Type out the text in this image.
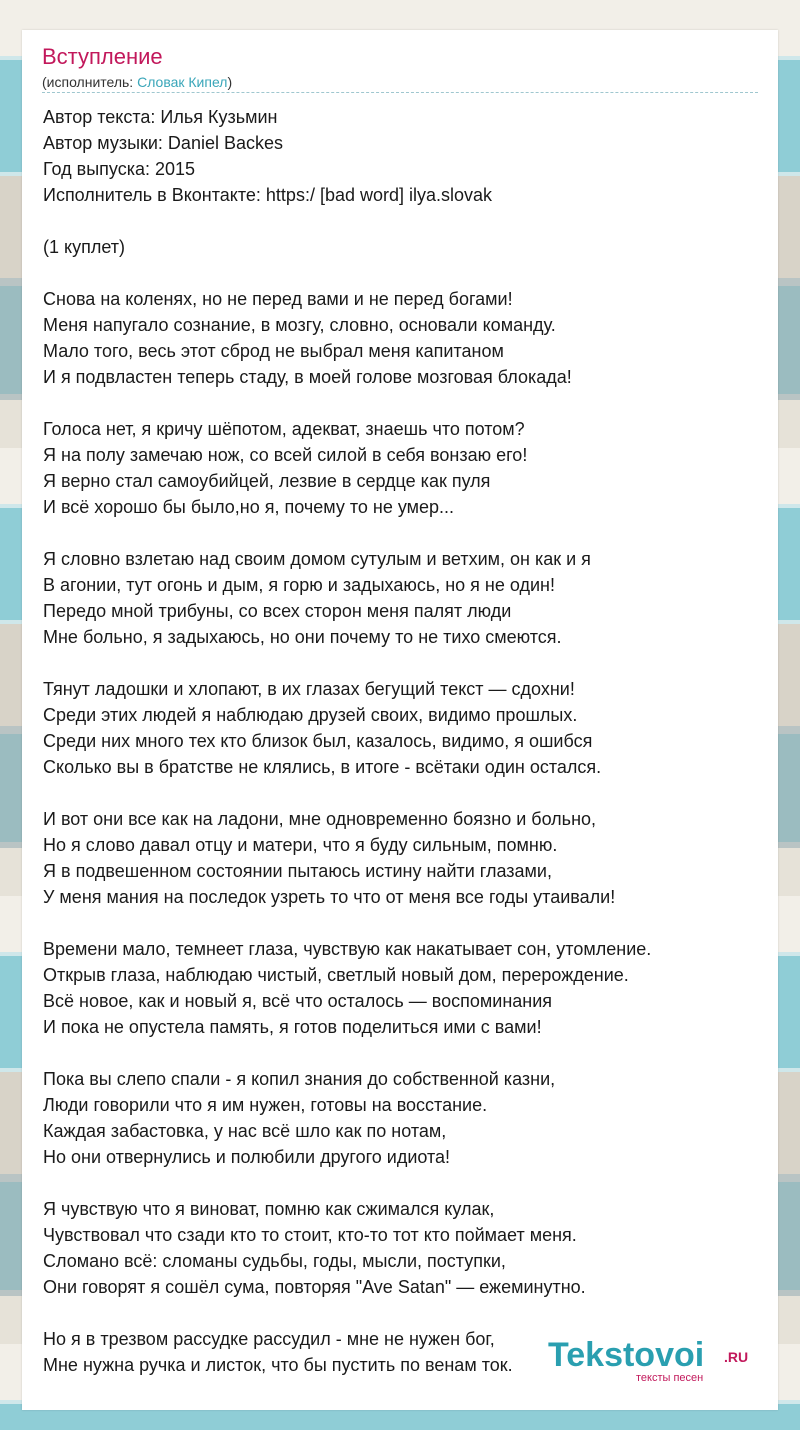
Вступление
(исполнитель: Словак Кипел)
Автор текста: Илья Кузьмин
Автор музыки: Daniel Backes
Год выпуска: 2015
Исполнитель в Вконтакте: https:/ [bad word] ilya.slovak
(1 куплет)
Снова на коленях, но не перед вами и не перед богами!
Меня напугало сознание, в мозгу, словно, основали команду.
Мало того, весь этот сброд не выбрал меня капитаном
И я подвластен теперь стаду, в моей голове мозговая блокада!
Голоса нет, я кричу шёпотом, адекват, знаешь что потом?
Я на полу замечаю нож, со всей силой в себя вонзаю его!
Я верно стал самоубийцей, лезвие в сердце как пуля
И всё хорошо бы было,но я, почему то не умер...
Я словно взлетаю над своим домом сутулым и ветхим, он как и я
В агонии, тут огонь и дым, я горю и задыхаюсь, но я не один!
Передо мной трибуны, со всех сторон меня палят люди
Мне больно, я задыхаюсь, но они почему то не тихо смеются.
Тянут ладошки и хлопают, в их глазах бегущий текст — сдохни!
Среди этих людей я наблюдаю друзей своих, видимо прошлых.
Среди них много тех кто близок был, казалось, видимо, я ошибся
Сколько вы в братстве не клялись, в итоге - всётаки один остался.
И вот они все как на ладони, мне одновременно боязно и больно,
Но я слово давал отцу и матери, что я буду сильным, помню.
Я в подвешенном состоянии пытаюсь истину найти глазами,
У меня мания на последок узреть то что от меня все годы утаивали!
Времени мало, темнеет глаза, чувствую как накатывает сон, утомление.
Открыв глаза, наблюдаю чистый, светлый новый дом, перерождение.
Всё новое, как и новый я, всё что осталось — воспоминания
И пока не опустела память, я готов поделиться ими с вами!
Пока вы слепо спали - я копил знания до собственной казни,
Люди говорили что я им нужен, готовы на восстание.
Каждая забастовка, у нас всё шло как по нотам,
Но они отвернулись и полюбили другого идиота!
Я чувствую что я виноват, помню как сжимался кулак,
Чувствовал что сзади кто то стоит, кто-то тот кто поймает меня.
Сломано всё: сломаны судьбы, годы, мысли, поступки,
Они говорят я сошёл сума, повторяя "Ave Satan" — ежеминутно.
Но я в трезвом рассудке рассудил - мне не нужен бог,
Мне нужна ручка и листок, что бы пустить по венам ток.	Tekstovoi .RU
тексты песен
